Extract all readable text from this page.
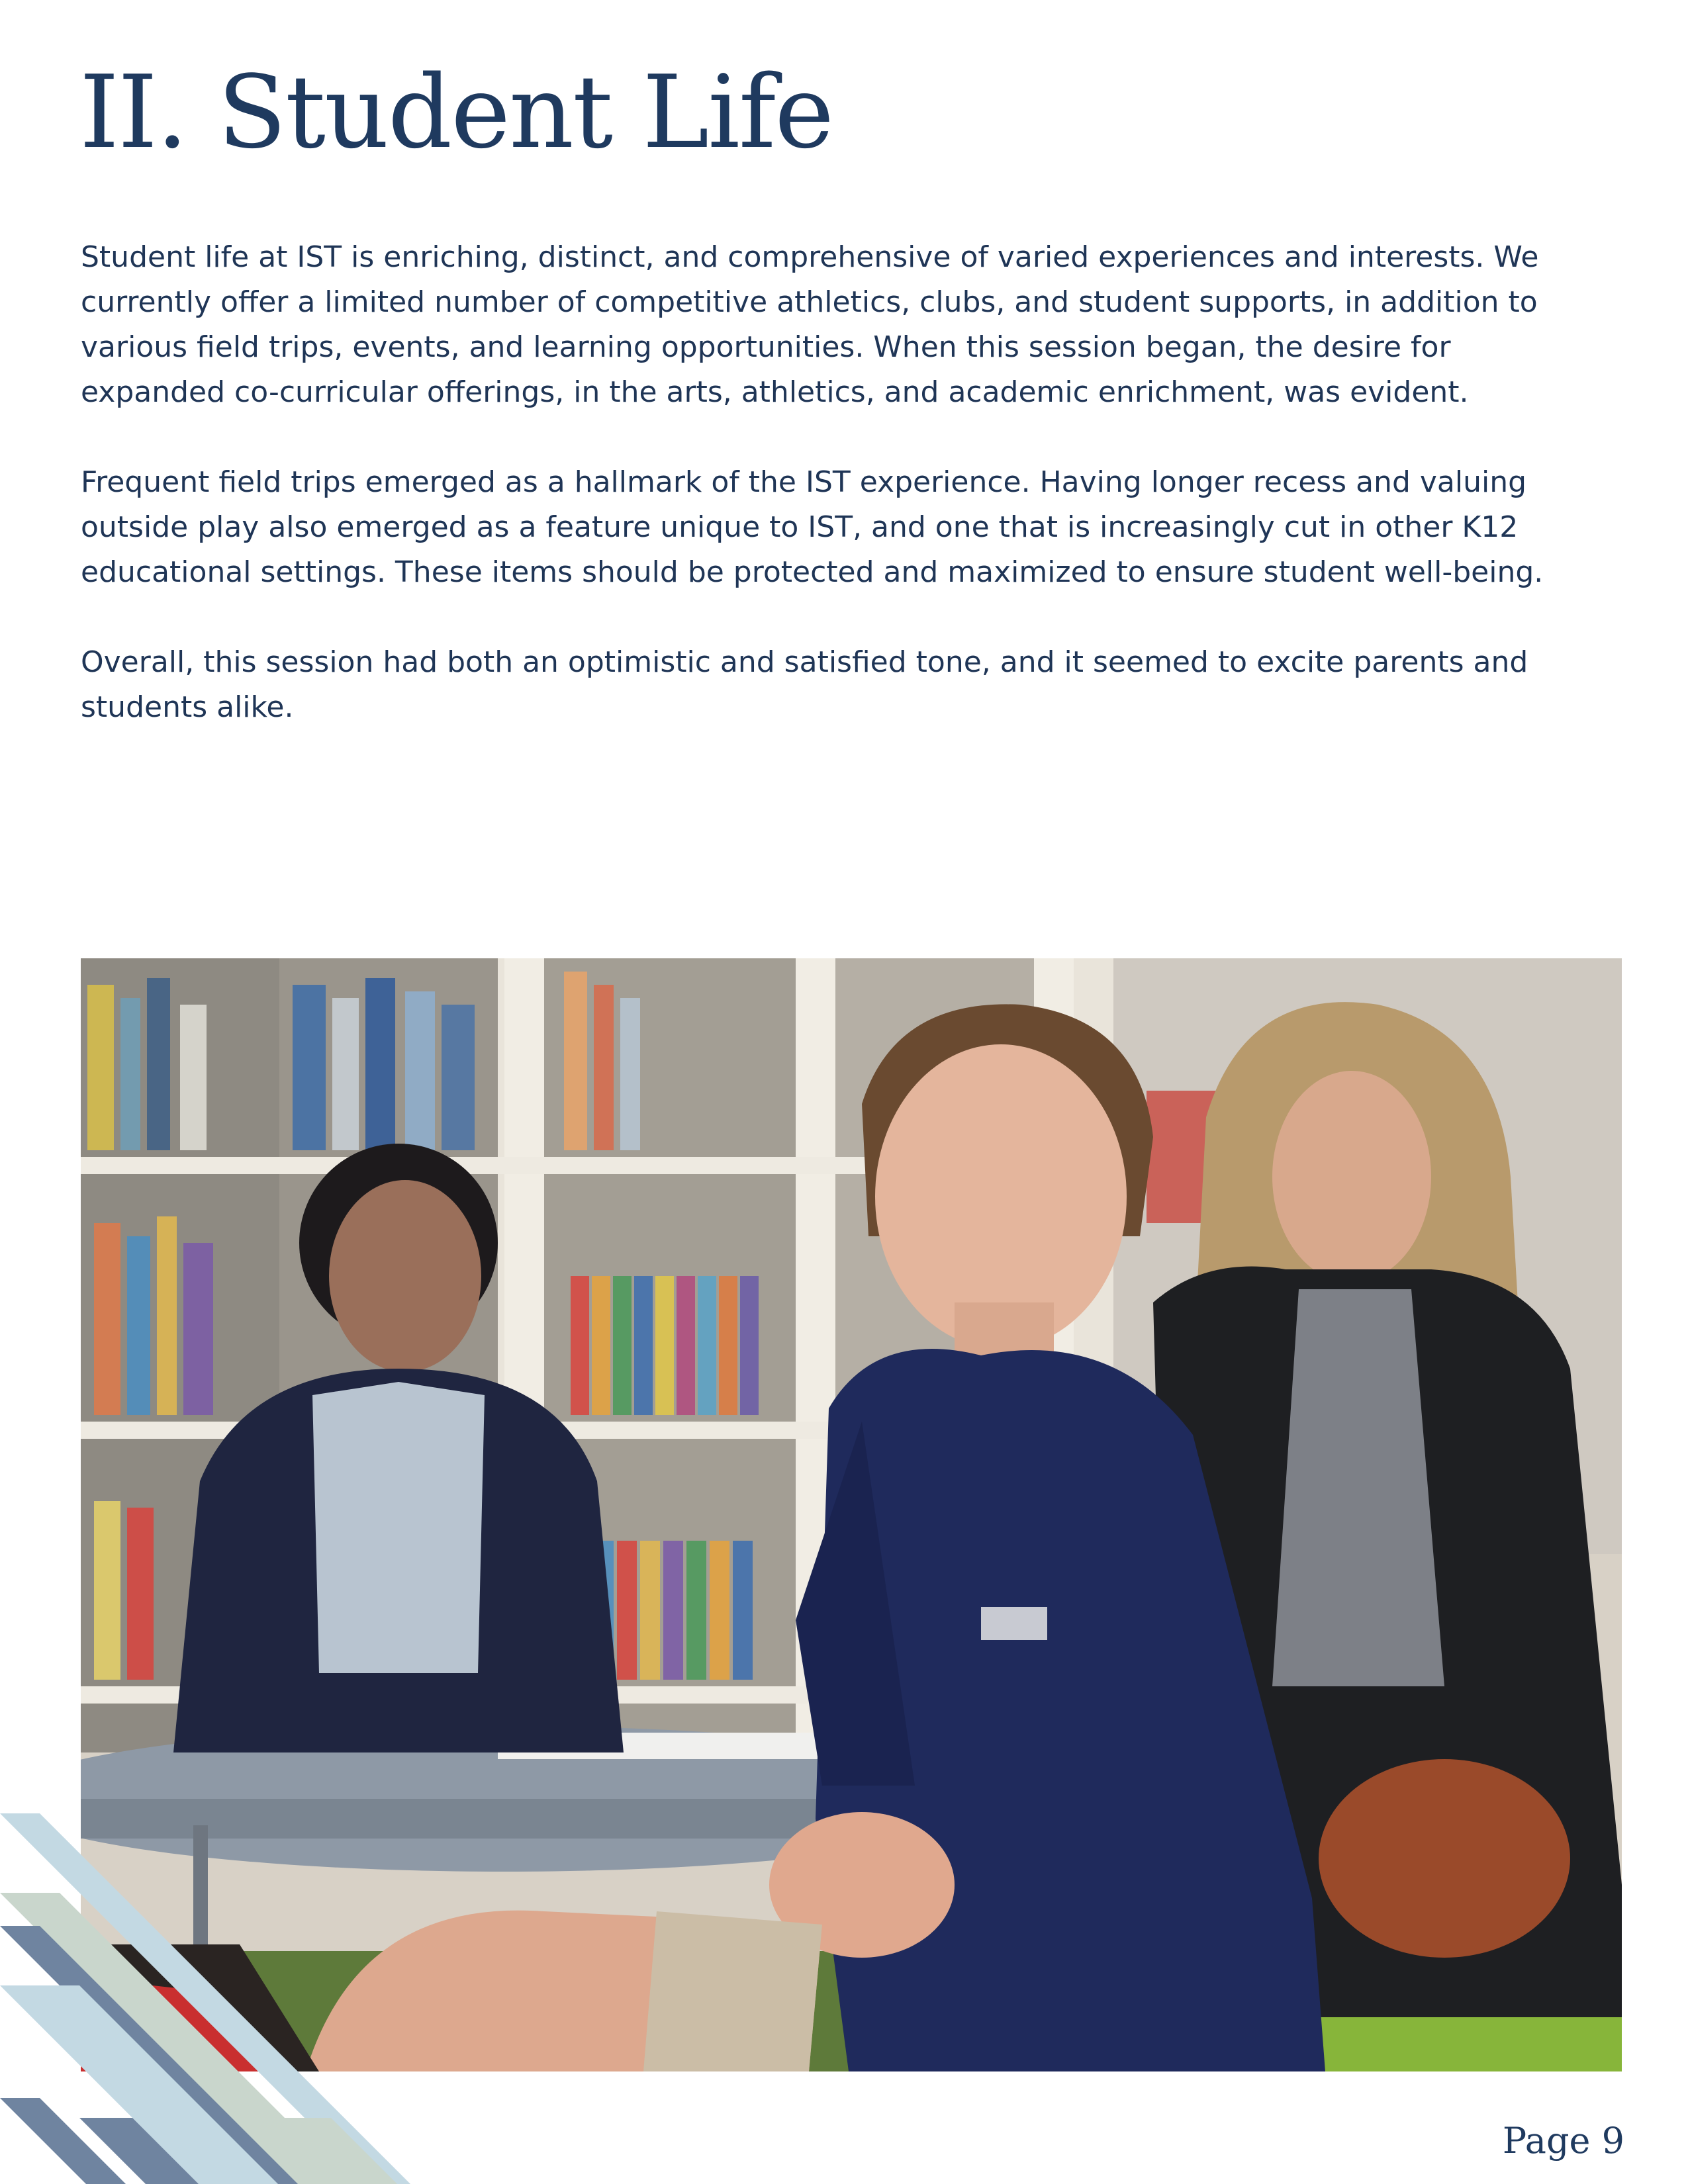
II. Student Life

Student life at IST is enriching, distinct, and comprehensive of varied experiences and interests. We currently offer a limited number of competitive athletics, clubs, and student supports, in addition to various field trips, events, and learning opportunities. When this session began, the desire for expanded co-curricular offerings, in the arts, athletics, and academic enrichment, was evident.

Frequent field trips emerged as a hallmark of the IST experience. Having longer recess and valuing outside play also emerged as a feature unique to IST, and one that is increasingly cut in other K12 educational settings. These items should be protected and maximized to ensure student well-being.

Overall, this session had both an optimistic and satisfied tone, and it seemed to excite parents and students alike.

Page 9
